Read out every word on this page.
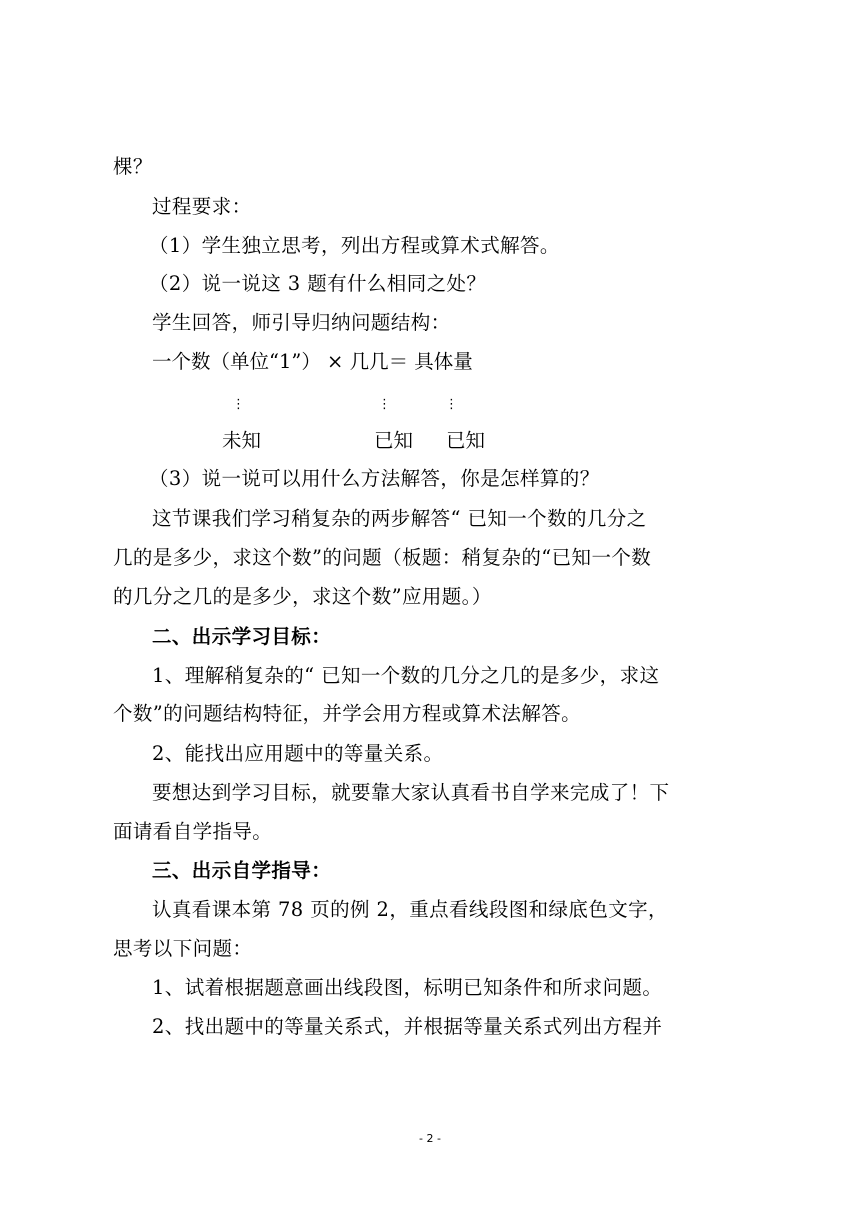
棵？
过程要求：
（1）学生独立思考，列出方程或算术式解答。
（2）说一说这 3 题有什么相同之处？
学生回答，师引导归纳问题结构：
一个数（单位“1”） × 几几＝ 具体量
⋮	⋮	⋮
未知	已知 已知
（3）说一说可以用什么方法解答，你是怎样算的？
这节课我们学习稍复杂的两步解答“ 已知一个数的几分之
几的是多少，求这个数”的问题（板题：稍复杂的“已知一个数
的几分之几的是多少，求这个数”应用题。）
二、出示学习目标：
1、理解稍复杂的“ 已知一个数的几分之几的是多少，求这
个数”的问题结构特征，并学会用方程或算术法解答。
2、能找出应用题中的等量关系。
要想达到学习目标，就要靠大家认真看书自学来完成了！下
面请看自学指导。
三、出示自学指导：
认真看课本第 78 页的例 2，重点看线段图和绿底色文字，
思考以下问题：
1、试着根据题意画出线段图，标明已知条件和所求问题。
2、找出题中的等量关系式，并根据等量关系式列出方程并
- 2 -
